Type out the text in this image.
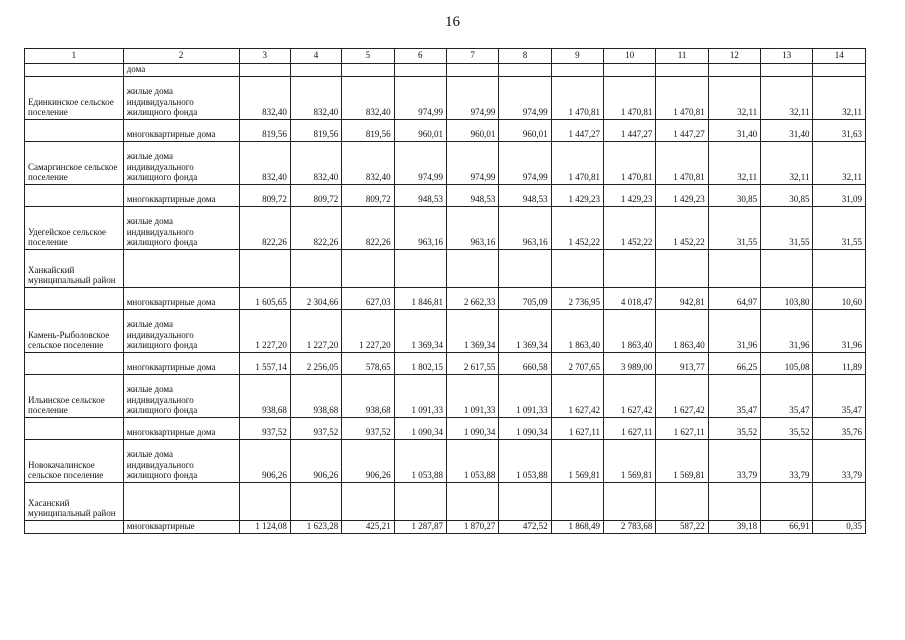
16
1	2	3	4	5	6	7	8	9	10	11	12	13	14
	дома												
Единкинское сельское поселение	жилые дома индивидуального жилищного фонда	832,40	832,40	832,40	974,99	974,99	974,99	1 470,81	1 470,81	1 470,81	32,11	32,11	32,11
	многоквартирные дома	819,56	819,56	819,56	960,01	960,01	960,01	1 447,27	1 447,27	1 447,27	31,40	31,40	31,63
Самаргинское сельское поселение	жилые дома индивидуального жилищного фонда	832,40	832,40	832,40	974,99	974,99	974,99	1 470,81	1 470,81	1 470,81	32,11	32,11	32,11
	многоквартирные дома	809,72	809,72	809,72	948,53	948,53	948,53	1 429,23	1 429,23	1 429,23	30,85	30,85	31,09
Удегейское сельское поселение	жилые дома индивидуального жилищного фонда	822,26	822,26	822,26	963,16	963,16	963,16	1 452,22	1 452,22	1 452,22	31,55	31,55	31,55
Ханкайский муниципальный район													
	многоквартирные дома	1 605,65	2 304,66	627,03	1 846,81	2 662,33	705,09	2 736,95	4 018,47	942,81	64,97	103,80	10,60
Камень-Рыболовское сельское поселение	жилые дома индивидуального жилищного фонда	1 227,20	1 227,20	1 227,20	1 369,34	1 369,34	1 369,34	1 863,40	1 863,40	1 863,40	31,96	31,96	31,96
	многоквартирные дома	1 557,14	2 256,05	578,65	1 802,15	2 617,55	660,58	2 707,65	3 989,00	913,77	66,25	105,08	11,89
Ильинское сельское поселение	жилые дома индивидуального жилищного фонда	938,68	938,68	938,68	1 091,33	1 091,33	1 091,33	1 627,42	1 627,42	1 627,42	35,47	35,47	35,47
	многоквартирные дома	937,52	937,52	937,52	1 090,34	1 090,34	1 090,34	1 627,11	1 627,11	1 627,11	35,52	35,52	35,76
Новокачалинское сельское поселение	жилые дома индивидуального жилищного фонда	906,26	906,26	906,26	1 053,88	1 053,88	1 053,88	1 569,81	1 569,81	1 569,81	33,79	33,79	33,79
Хасанский муниципальный район													
	многоквартирные	1 124,08	1 623,28	425,21	1 287,87	1 870,27	472,52	1 868,49	2 783,68	587,22	39,18	66,91	0,35
